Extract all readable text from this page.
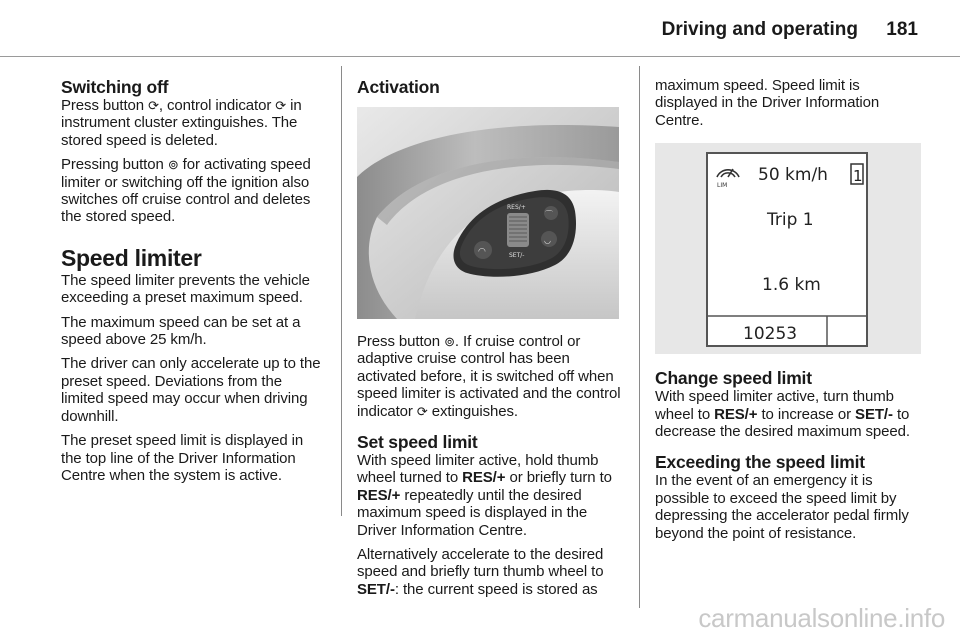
Driving and operating 181
Switching off

Press button ⟳, control indicator ⟳ in instrument cluster extinguishes. The stored speed is deleted.

Pressing button ⊚ for activating speed limiter or switching off the ignition also switches off cruise control and deletes the stored speed.

Speed limiter

The speed limiter prevents the vehicle exceeding a preset maximum speed.

The maximum speed can be set at a speed above 25 km/h.

The driver can only accelerate up to the preset speed. Deviations from the limited speed may occur when driving downhill.

The preset speed limit is displayed in the top line of the Driver Information Centre when the system is active.

Activation
◠
⌒
◡
RES/+
SET/-

Press button ⊚. If cruise control or adaptive cruise control has been activated before, it is switched off when speed limiter is activated and the control indicator ⟳ extinguishes.

Set speed limit

With speed limiter active, hold thumb wheel turned to RES/+ or briefly turn to RES/+ repeatedly until the desired maximum speed is displayed in the Driver Information Centre.

Alternatively accelerate to the desired speed and briefly turn thumb wheel to SET/-: the current speed is stored as

maximum speed. Speed limit is displayed in the Driver Information Centre.

LIM
50 km/h 1
Trip 1
1.6 km
10253
Change speed limit

With speed limiter active, turn thumb wheel to RES/+ to increase or SET/- to decrease the desired maximum speed.

Exceeding the speed limit

In the event of an emergency it is possible to exceed the speed limit by depressing the accelerator pedal firmly beyond the point of resistance.

carmanualsonline.info
